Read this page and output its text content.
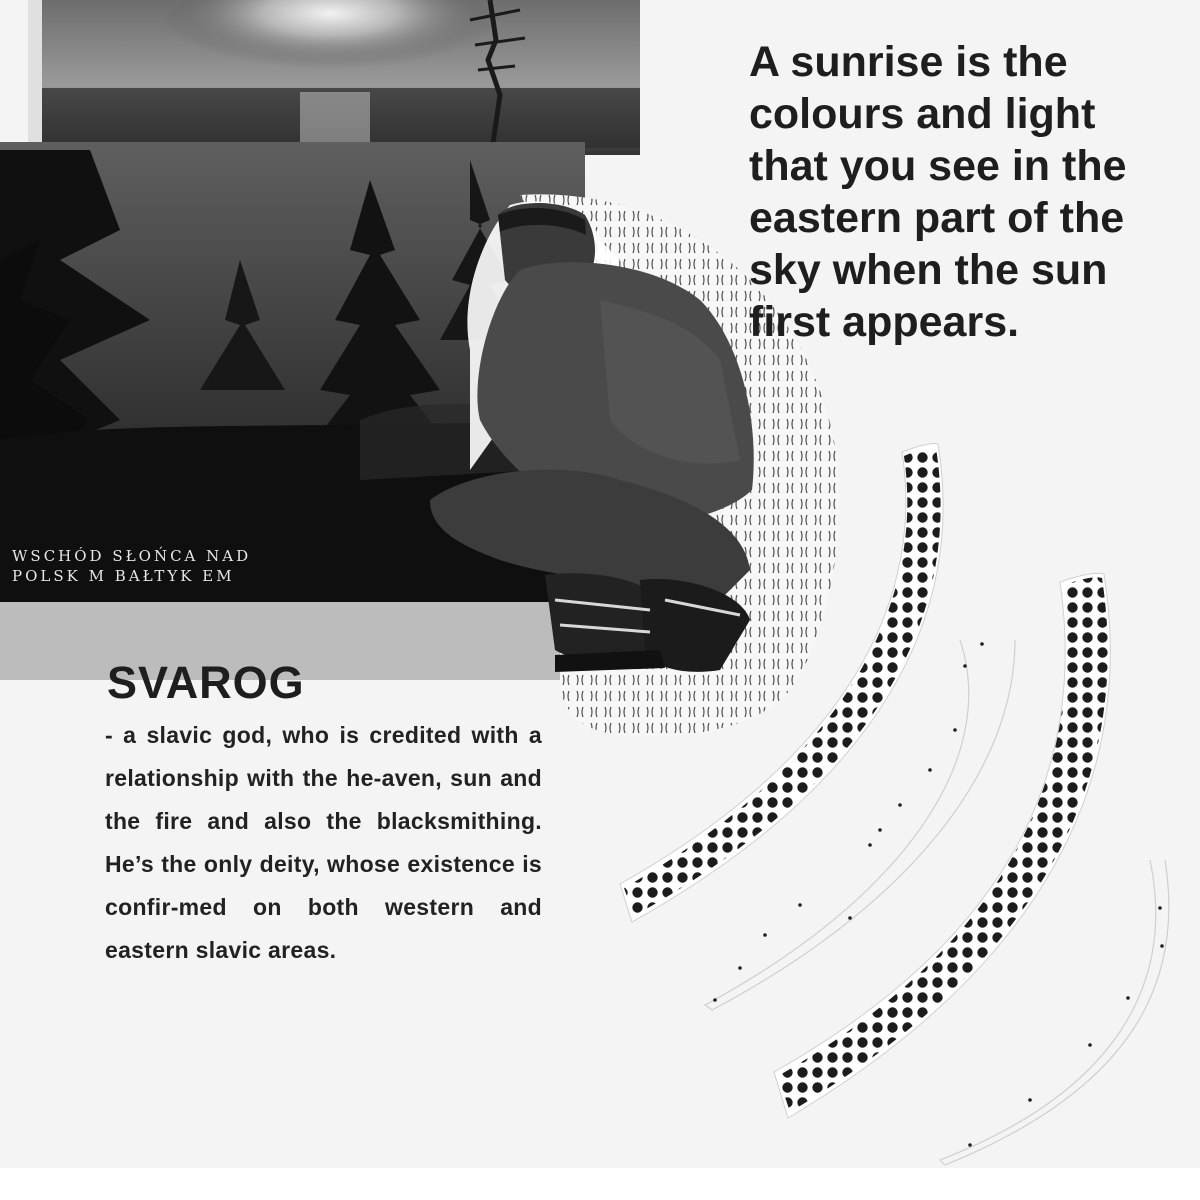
WSCHÓD SŁOŃCA NAD
POLSK M BAŁTYK EM

A sunrise is the colours and light that you see in the eastern part of the sky when the sun first appears.
SVAROG

- a slavic god, who is credited with a relationship with the he-aven, sun and the fire and also the blacksmithing. He’s the only deity, whose existence is confir-med on both western and eastern slavic areas.
